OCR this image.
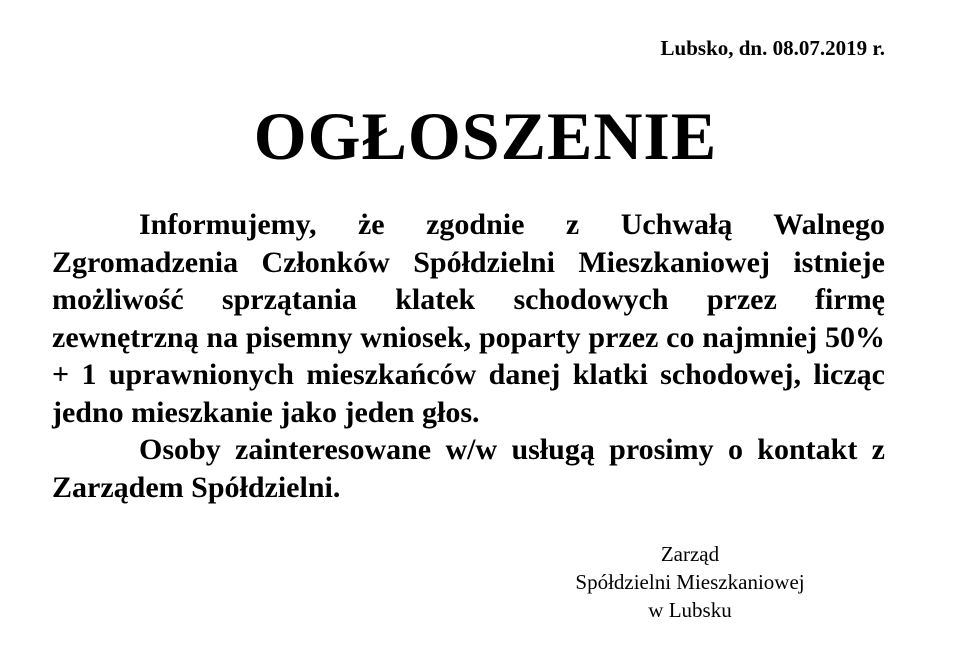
Lubsko, dn. 08.07.2019 r.
OGŁOSZENIE

Informujemy, że zgodnie z Uchwałą Walnego Zgromadzenia Członków Spółdzielni Mieszkaniowej istnieje możliwość sprzątania klatek schodowych przez firmę zewnętrzną na pisemny wniosek, poparty przez co najmniej 50% + 1 uprawnionych mieszkańców danej klatki schodowej, licząc jedno mieszkanie jako jeden głos.

Osoby zainteresowane w/w usługą prosimy o kontakt z Zarządem Spółdzielni.

Zarząd
Spółdzielni Mieszkaniowej
w Lubsku
